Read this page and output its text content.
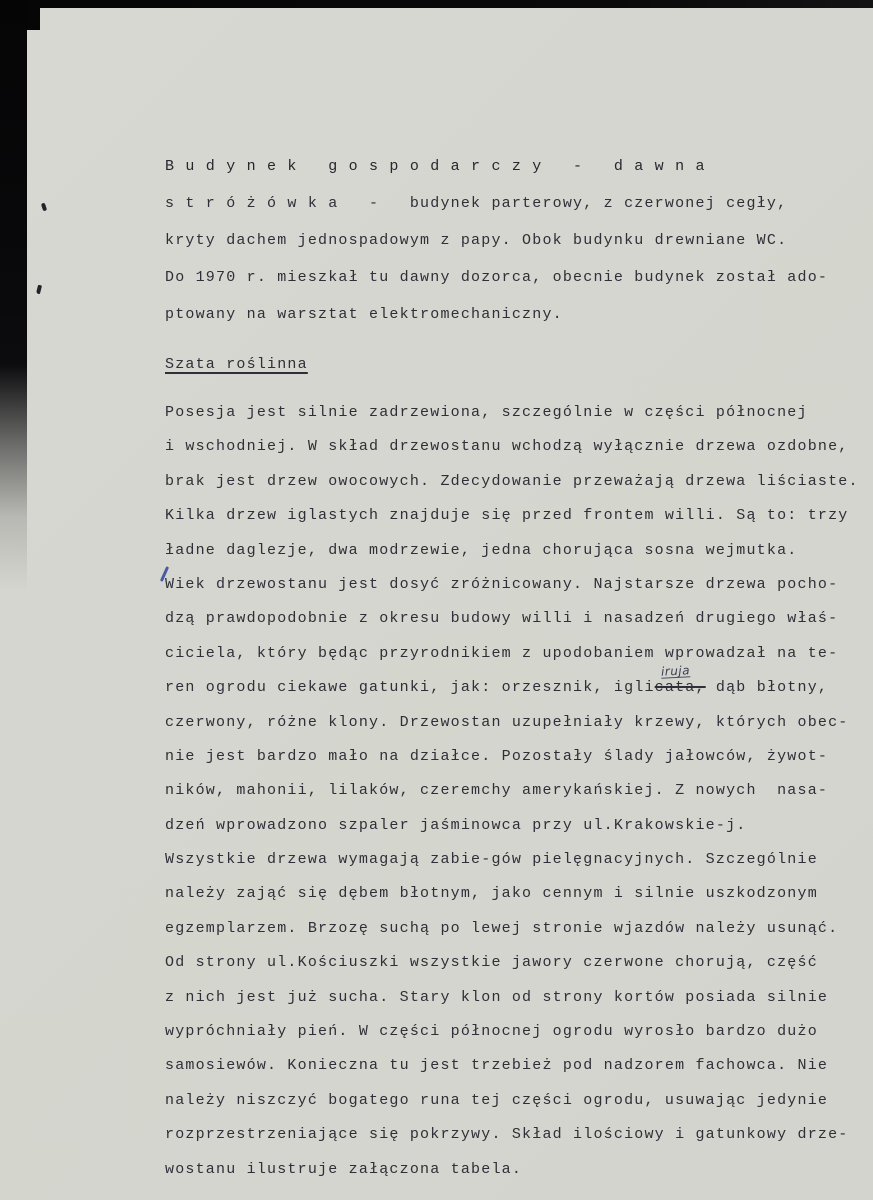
B u d y n e k   g o s p o d a r c z y   -   d a w n a
s t r ó ż ó w k a   -   budynek parterowy, z czerwonej cegły,
kryty dachem jednospadowym z papy. Obok budynku drewniane WC.
Do 1970 r. mieszkał tu dawny dozorca, obecnie budynek został ado-
ptowany na warsztat elektromechaniczny.
Szata roślinna
Posesja jest silnie zadrzewiona, szczególnie w części północnej
i wschodniej. W skład drzewostanu wchodzą wyłącznie drzewa ozdobne,
brak jest drzew owocowych. Zdecydowanie przeważają drzewa liściaste.
Kilka drzew iglastych znajduje się przed frontem willi. Są to: trzy
ładne daglezje, dwa modrzewie, jedna chorująca sosna wejmutka.
Wiek drzewostanu jest dosyć zróżnicowany. Najstarsze drzewa pocho-
dzą prawdopodobnie z okresu budowy willi i nasadzeń drugiego właś-
ciciela, który będąc przyrodnikiem z upodobaniem wprowadzał na te-
ren ogrodu ciekawe gatunki, jak: orzesznik, iglicata,
iruja
dąb błotny,
czerwony, różne klony. Drzewostan uzupełniały krzewy, których obec-
nie jest bardzo mało na działce. Pozostały ślady jałowców, żywot-
ników, mahonii, lilaków, czeremchy amerykańskiej. Z nowych  nasa-
dzeń wprowadzono szpaler jaśminowca przy ul.Krakowskie-j.
Wszystkie drzewa wymagają zabie-gów pielęgnacyjnych. Szczególnie
należy zająć się dębem błotnym, jako cennym i silnie uszkodzonym
egzemplarzem. Brzozę suchą po lewej stronie wjazdów należy usunąć.
Od strony ul.Kościuszki wszystkie jawory czerwone chorują, część
z nich jest już sucha. Stary klon od strony kortów posiada silnie
wypróchniały pień. W części północnej ogrodu wyrosło bardzo dużo
samosiewów. Konieczna tu jest trzebież pod nadzorem fachowca. Nie
należy niszczyć bogatego runa tej części ogrodu, usuwając jedynie
rozprzestrzeniające się pokrzywy. Skład ilościowy i gatunkowy drze-
wostanu ilustruje załączona tabela.
